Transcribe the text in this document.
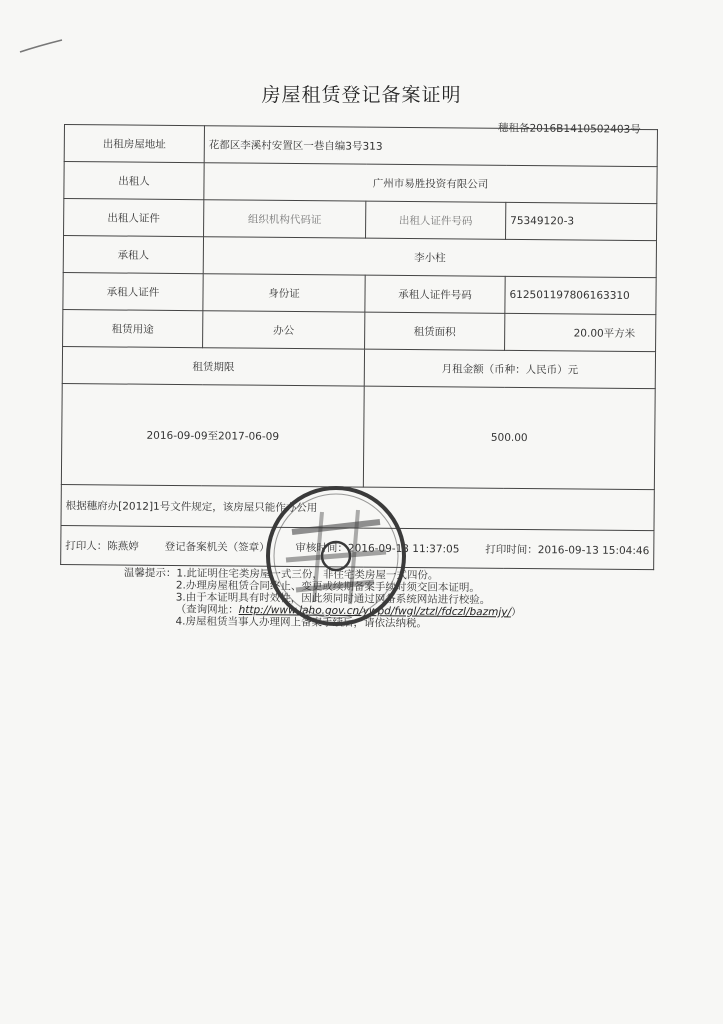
房屋租赁登记备案证明
穗租备2016B1410502403号
出租房屋地址	花都区李溪村安置区一巷自编3号313		
出租人	广州市易胜投资有限公司		
出租人证件	组织机构代码证	出租人证件号码	75349120-3
承租人	李小柱		
承租人证件	身份证	承租人证件号码	612501197806163310
租赁用途	办公	租赁面积	20.00平方米
租赁期限		月租金额（币种：人民币）元	
2016-09-09至2017-06-09		500.00	
根据穗府办[2012]1号文件规定，该房屋只能作办公用			

打印人：陈燕婷 登记备案机关（签章） 审核时间：2016-09-13 11:37:05 打印时间：2016-09-13 15:04:46			
温馨提示： 1.此证明住宅类房屋一式三份，非住宅类房屋一式四份。
2.办理房屋租赁合同终止、变更或续期备案手续时须交回本证明。
3.由于本证明具有时效性，因此须同时通过网备系统网站进行校验。
（查询网址：http://www.laho.gov.cn/ywpd/fwgl/ztzl/fdczl/bazmjy/）
4.房屋租赁当事人办理网上备案手续后，请依法纳税。
